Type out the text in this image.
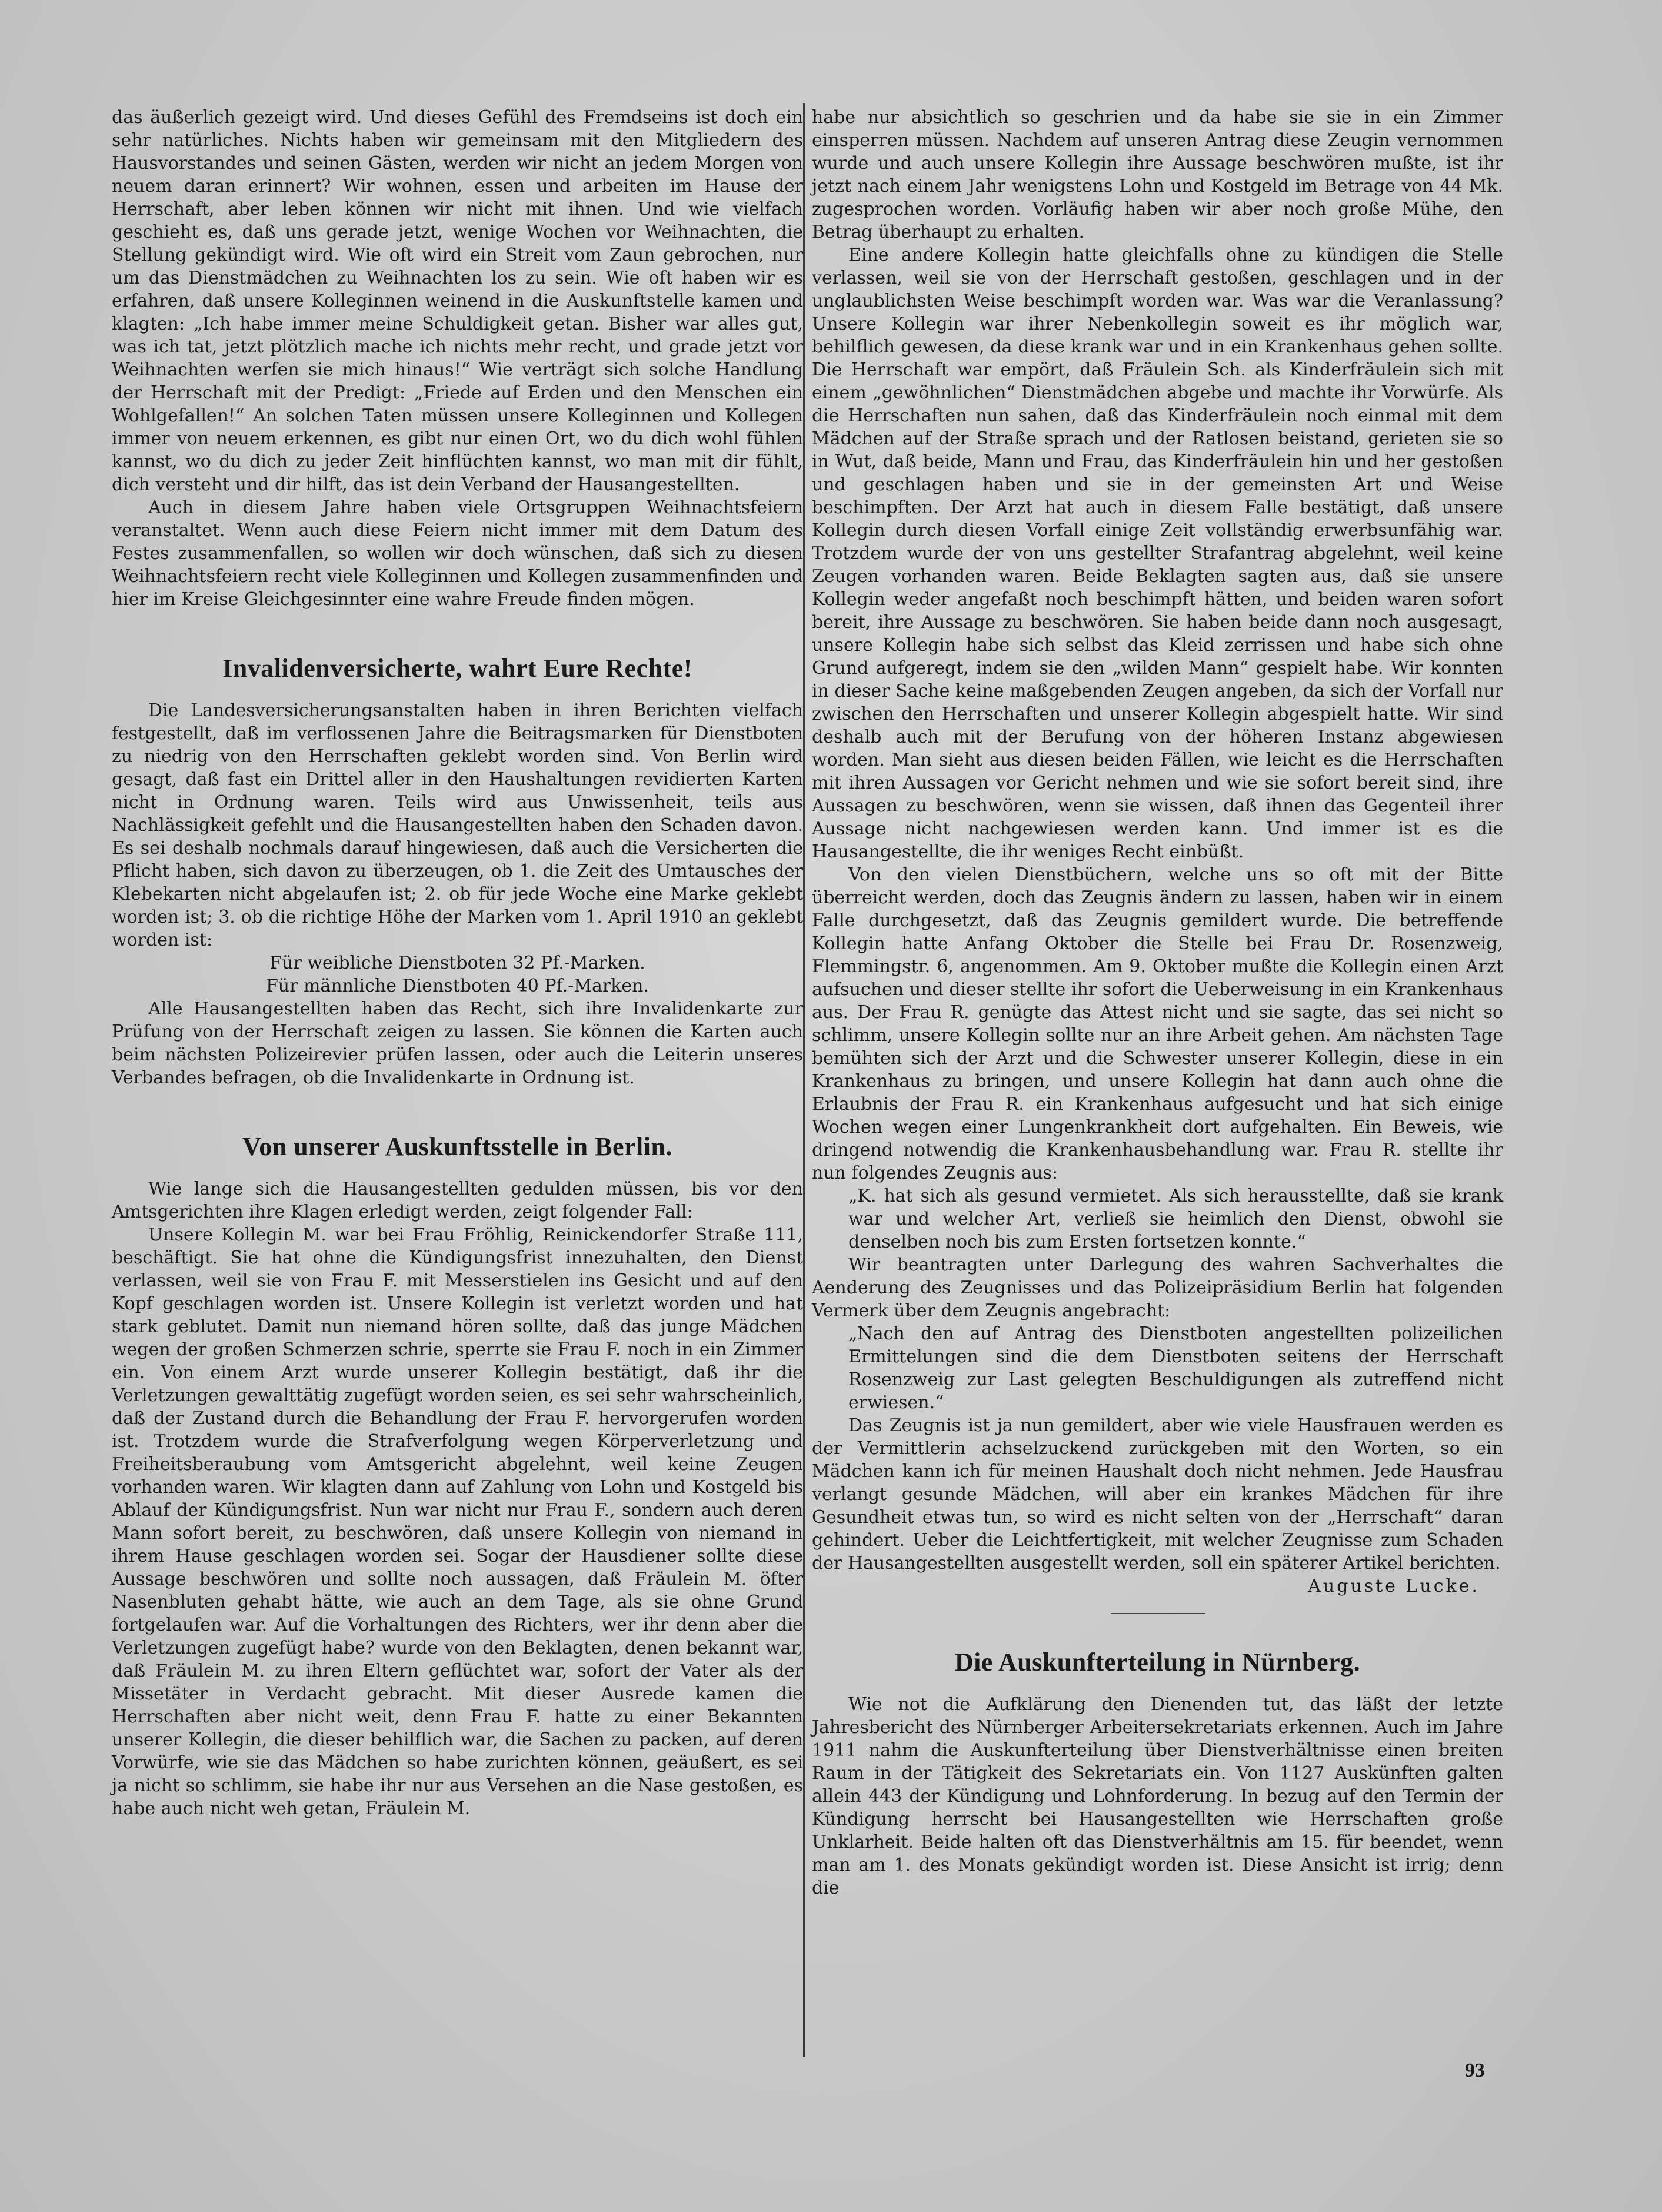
das äußerlich gezeigt wird. Und dieses Gefühl des Fremdseins ist doch ein sehr natürliches. Nichts haben wir gemeinsam mit den Mitgliedern des Hausvorstandes und seinen Gästen, werden wir nicht an jedem Morgen von neuem daran erinnert? Wir wohnen, essen und arbeiten im Hause der Herrschaft, aber leben können wir nicht mit ihnen. Und wie vielfach geschieht es, daß uns gerade jetzt, wenige Wochen vor Weihnachten, die Stellung gekündigt wird. Wie oft wird ein Streit vom Zaun gebrochen, nur um das Dienstmädchen zu Weihnachten los zu sein. Wie oft haben wir es erfahren, daß unsere Kolleginnen weinend in die Auskunftstelle kamen und klagten: „Ich habe immer meine Schuldigkeit getan. Bisher war alles gut, was ich tat, jetzt plötzlich mache ich nichts mehr recht, und grade jetzt vor Weihnachten werfen sie mich hinaus!“ Wie verträgt sich solche Handlung der Herrschaft mit der Predigt: „Friede auf Erden und den Menschen ein Wohlgefallen!“ An solchen Taten müssen unsere Kolleginnen und Kollegen immer von neuem erkennen, es gibt nur einen Ort, wo du dich wohl fühlen kannst, wo du dich zu jeder Zeit hinflüchten kannst, wo man mit dir fühlt, dich versteht und dir hilft, das ist dein Verband der Hausangestellten.

Auch in diesem Jahre haben viele Ortsgruppen Weihnachtsfeiern veranstaltet. Wenn auch diese Feiern nicht immer mit dem Datum des Festes zusammenfallen, so wollen wir doch wünschen, daß sich zu diesen Weihnachtsfeiern recht viele Kolleginnen und Kollegen zusammenfinden und hier im Kreise Gleichgesinnter eine wahre Freude finden mögen.

Invalidenversicherte, wahrt Eure Rechte!

Die Landesversicherungsanstalten haben in ihren Berichten vielfach festgestellt, daß im verflossenen Jahre die Beitragsmarken für Dienstboten zu niedrig von den Herrschaften geklebt worden sind. Von Berlin wird gesagt, daß fast ein Drittel aller in den Haushaltungen revidierten Karten nicht in Ordnung waren. Teils wird aus Unwissenheit, teils aus Nachlässigkeit gefehlt und die Hausangestellten haben den Schaden davon. Es sei deshalb nochmals darauf hingewiesen, daß auch die Versicherten die Pflicht haben, sich davon zu überzeugen, ob 1. die Zeit des Umtausches der Klebekarten nicht abgelaufen ist; 2. ob für jede Woche eine Marke geklebt worden ist; 3. ob die richtige Höhe der Marken vom 1. April 1910 an geklebt worden ist:

Für weibliche Dienstboten 32 Pf.-Marken.

Für männliche Dienstboten 40 Pf.-Marken.

Alle Hausangestellten haben das Recht, sich ihre Invalidenkarte zur Prüfung von der Herrschaft zeigen zu lassen. Sie können die Karten auch beim nächsten Polizeirevier prüfen lassen, oder auch die Leiterin unseres Verbandes befragen, ob die Invalidenkarte in Ordnung ist.

Von unserer Auskunftsstelle in Berlin.

Wie lange sich die Hausangestellten gedulden müssen, bis vor den Amtsgerichten ihre Klagen erledigt werden, zeigt folgender Fall:

Unsere Kollegin M. war bei Frau Fröhlig, Reinickendorfer Straße 111, beschäftigt. Sie hat ohne die Kündigungsfrist innezuhalten, den Dienst verlassen, weil sie von Frau F. mit Messerstielen ins Gesicht und auf den Kopf geschlagen worden ist. Unsere Kollegin ist verletzt worden und hat stark geblutet. Damit nun niemand hören sollte, daß das junge Mädchen wegen der großen Schmerzen schrie, sperrte sie Frau F. noch in ein Zimmer ein. Von einem Arzt wurde unserer Kollegin bestätigt, daß ihr die Verletzungen gewalttätig zugefügt worden seien, es sei sehr wahrscheinlich, daß der Zustand durch die Behandlung der Frau F. hervorgerufen worden ist. Trotzdem wurde die Strafverfolgung wegen Körperverletzung und Freiheitsberaubung vom Amtsgericht abgelehnt, weil keine Zeugen vorhanden waren. Wir klagten dann auf Zahlung von Lohn und Kostgeld bis Ablauf der Kündigungsfrist. Nun war nicht nur Frau F., sondern auch deren Mann sofort bereit, zu beschwören, daß unsere Kollegin von niemand in ihrem Hause geschlagen worden sei. Sogar der Hausdiener sollte diese Aussage beschwören und sollte noch aussagen, daß Fräulein M. öfter Nasenbluten gehabt hätte, wie auch an dem Tage, als sie ohne Grund fortgelaufen war. Auf die Vorhaltungen des Richters, wer ihr denn aber die Verletzungen zugefügt habe? wurde von den Beklagten, denen bekannt war, daß Fräulein M. zu ihren Eltern geflüchtet war, sofort der Vater als der Missetäter in Verdacht gebracht. Mit dieser Ausrede kamen die Herrschaften aber nicht weit, denn Frau F. hatte zu einer Bekannten unserer Kollegin, die dieser behilflich war, die Sachen zu packen, auf deren Vorwürfe, wie sie das Mädchen so habe zurichten können, geäußert, es sei ja nicht so schlimm, sie habe ihr nur aus Versehen an die Nase gestoßen, es habe auch nicht weh getan, Fräulein M.

habe nur absichtlich so geschrien und da habe sie sie in ein Zimmer einsperren müssen. Nachdem auf unseren Antrag diese Zeugin vernommen wurde und auch unsere Kollegin ihre Aussage beschwören mußte, ist ihr jetzt nach einem Jahr wenigstens Lohn und Kostgeld im Betrage von 44 Mk. zugesprochen worden. Vorläufig haben wir aber noch große Mühe, den Betrag überhaupt zu erhalten.

Eine andere Kollegin hatte gleichfalls ohne zu kündigen die Stelle verlassen, weil sie von der Herrschaft gestoßen, geschlagen und in der unglaublichsten Weise beschimpft worden war. Was war die Veranlassung? Unsere Kollegin war ihrer Nebenkollegin soweit es ihr möglich war, behilflich gewesen, da diese krank war und in ein Krankenhaus gehen sollte. Die Herrschaft war empört, daß Fräulein Sch. als Kinderfräulein sich mit einem „gewöhnlichen“ Dienstmädchen abgebe und machte ihr Vorwürfe. Als die Herrschaften nun sahen, daß das Kinderfräulein noch einmal mit dem Mädchen auf der Straße sprach und der Ratlosen beistand, gerieten sie so in Wut, daß beide, Mann und Frau, das Kinderfräulein hin und her gestoßen und geschlagen haben und sie in der gemeinsten Art und Weise beschimpften. Der Arzt hat auch in diesem Falle bestätigt, daß unsere Kollegin durch diesen Vorfall einige Zeit vollständig erwerbsunfähig war. Trotzdem wurde der von uns gestellter Strafantrag abgelehnt, weil keine Zeugen vorhanden waren. Beide Beklagten sagten aus, daß sie unsere Kollegin weder angefaßt noch beschimpft hätten, und beiden waren sofort bereit, ihre Aussage zu beschwören. Sie haben beide dann noch ausgesagt, unsere Kollegin habe sich selbst das Kleid zerrissen und habe sich ohne Grund aufgeregt, indem sie den „wilden Mann“ gespielt habe. Wir konnten in dieser Sache keine maßgebenden Zeugen angeben, da sich der Vorfall nur zwischen den Herrschaften und unserer Kollegin abgespielt hatte. Wir sind deshalb auch mit der Berufung von der höheren Instanz abgewiesen worden. Man sieht aus diesen beiden Fällen, wie leicht es die Herrschaften mit ihren Aussagen vor Gericht nehmen und wie sie sofort bereit sind, ihre Aussagen zu beschwören, wenn sie wissen, daß ihnen das Gegenteil ihrer Aussage nicht nachgewiesen werden kann. Und immer ist es die Hausangestellte, die ihr weniges Recht einbüßt.

Von den vielen Dienstbüchern, welche uns so oft mit der Bitte überreicht werden, doch das Zeugnis ändern zu lassen, haben wir in einem Falle durchgesetzt, daß das Zeugnis gemildert wurde. Die betreffende Kollegin hatte Anfang Oktober die Stelle bei Frau Dr. Rosenzweig, Flemmingstr. 6, angenommen. Am 9. Oktober mußte die Kollegin einen Arzt aufsuchen und dieser stellte ihr sofort die Ueberweisung in ein Krankenhaus aus. Der Frau R. genügte das Attest nicht und sie sagte, das sei nicht so schlimm, unsere Kollegin sollte nur an ihre Arbeit gehen. Am nächsten Tage bemühten sich der Arzt und die Schwester unserer Kollegin, diese in ein Krankenhaus zu bringen, und unsere Kollegin hat dann auch ohne die Erlaubnis der Frau R. ein Krankenhaus aufgesucht und hat sich einige Wochen wegen einer Lungenkrankheit dort aufgehalten. Ein Beweis, wie dringend notwendig die Krankenhausbehandlung war. Frau R. stellte ihr nun folgendes Zeugnis aus:

„K. hat sich als gesund vermietet. Als sich herausstellte, daß sie krank war und welcher Art, verließ sie heimlich den Dienst, obwohl sie denselben noch bis zum Ersten fortsetzen konnte.“

Wir beantragten unter Darlegung des wahren Sachverhaltes die Aenderung des Zeugnisses und das Polizeipräsidium Berlin hat folgenden Vermerk über dem Zeugnis angebracht:

„Nach den auf Antrag des Dienstboten angestellten polizeilichen Ermittelungen sind die dem Dienstboten seitens der Herrschaft Rosenzweig zur Last gelegten Beschuldigungen als zutreffend nicht erwiesen.“

Das Zeugnis ist ja nun gemildert, aber wie viele Hausfrauen werden es der Vermittlerin achselzuckend zurückgeben mit den Worten, so ein Mädchen kann ich für meinen Haushalt doch nicht nehmen. Jede Hausfrau verlangt gesunde Mädchen, will aber ein krankes Mädchen für ihre Gesundheit etwas tun, so wird es nicht selten von der „Herrschaft“ daran gehindert. Ueber die Leichtfertigkeit, mit welcher Zeugnisse zum Schaden der Hausangestellten ausgestellt werden, soll ein späterer Artikel berichten.

Auguste Lucke.

Die Auskunfterteilung in Nürnberg.

Wie not die Aufklärung den Dienenden tut, das läßt der letzte Jahresbericht des Nürnberger Arbeitersekretariats erkennen. Auch im Jahre 1911 nahm die Auskunfterteilung über Dienstverhältnisse einen breiten Raum in der Tätigkeit des Sekretariats ein. Von 1127 Auskünften galten allein 443 der Kündigung und Lohnforderung. In bezug auf den Termin der Kündigung herrscht bei Hausangestellten wie Herrschaften große Unklarheit. Beide halten oft das Dienstverhältnis am 15. für beendet, wenn man am 1. des Monats gekündigt worden ist. Diese Ansicht ist irrig; denn die

93
